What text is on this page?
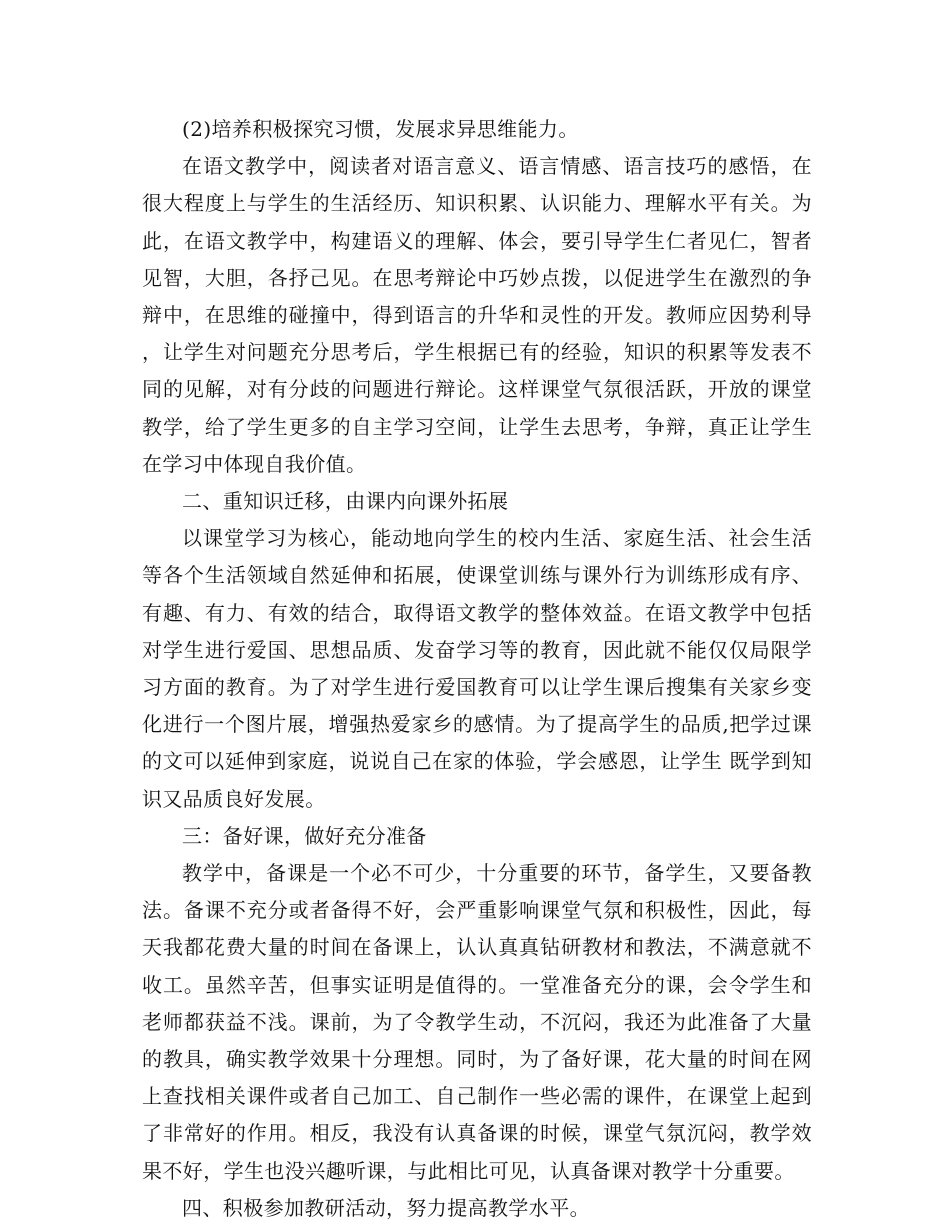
(2)培养积极探究习惯，发展求异思维能力。

在语文教学中，阅读者对语言意义、语言情感、语言技巧的感悟，在很大程度上与学生的生活经历、知识积累、认识能力、理解水平有关。为此，在语文教学中，构建语义的理解、体会，要引导学生仁者见仁，智者见智，大胆，各抒己见。在思考辩论中巧妙点拨，以促进学生在激烈的争辩中，在思维的碰撞中，得到语言的升华和灵性的开发。教师应因势利导，让学生对问题充分思考后，学生根据已有的经验，知识的积累等发表不同的见解，对有分歧的问题进行辩论。这样课堂气氛很活跃，开放的课堂教学，给了学生更多的自主学习空间，让学生去思考，争辩，真正让学生在学习中体现自我价值。

二、重知识迁移，由课内向课外拓展

以课堂学习为核心，能动地向学生的校内生活、家庭生活、社会生活等各个生活领域自然延伸和拓展，使课堂训练与课外行为训练形成有序、有趣、有力、有效的结合，取得语文教学的整体效益。在语文教学中包括对学生进行爱国、思想品质、发奋学习等的教育，因此就不能仅仅局限学习方面的教育。为了对学生进行爱国教育可以让学生课后搜集有关家乡变化进行一个图片展，增强热爱家乡的感情。为了提高学生的品质,把学过课的文可以延伸到家庭，说说自己在家的体验，学会感恩，让学生 既学到知识又品质良好发展。

三：备好课，做好充分准备

教学中，备课是一个必不可少，十分重要的环节，备学生，又要备教法。备课不充分或者备得不好，会严重影响课堂气氛和积极性，因此，每天我都花费大量的时间在备课上，认认真真钻研教材和教法，不满意就不收工。虽然辛苦，但事实证明是值得的。一堂准备充分的课，会令学生和老师都获益不浅。课前，为了令教学生动，不沉闷，我还为此准备了大量的教具，确实教学效果十分理想。同时，为了备好课，花大量的时间在网上查找相关课件或者自己加工、自己制作一些必需的课件，在课堂上起到了非常好的作用。相反，我没有认真备课的时候，课堂气氛沉闷，教学效果不好，学生也没兴趣听课，与此相比可见，认真备课对教学十分重要。

四、积极参加教研活动，努力提高教学水平。
